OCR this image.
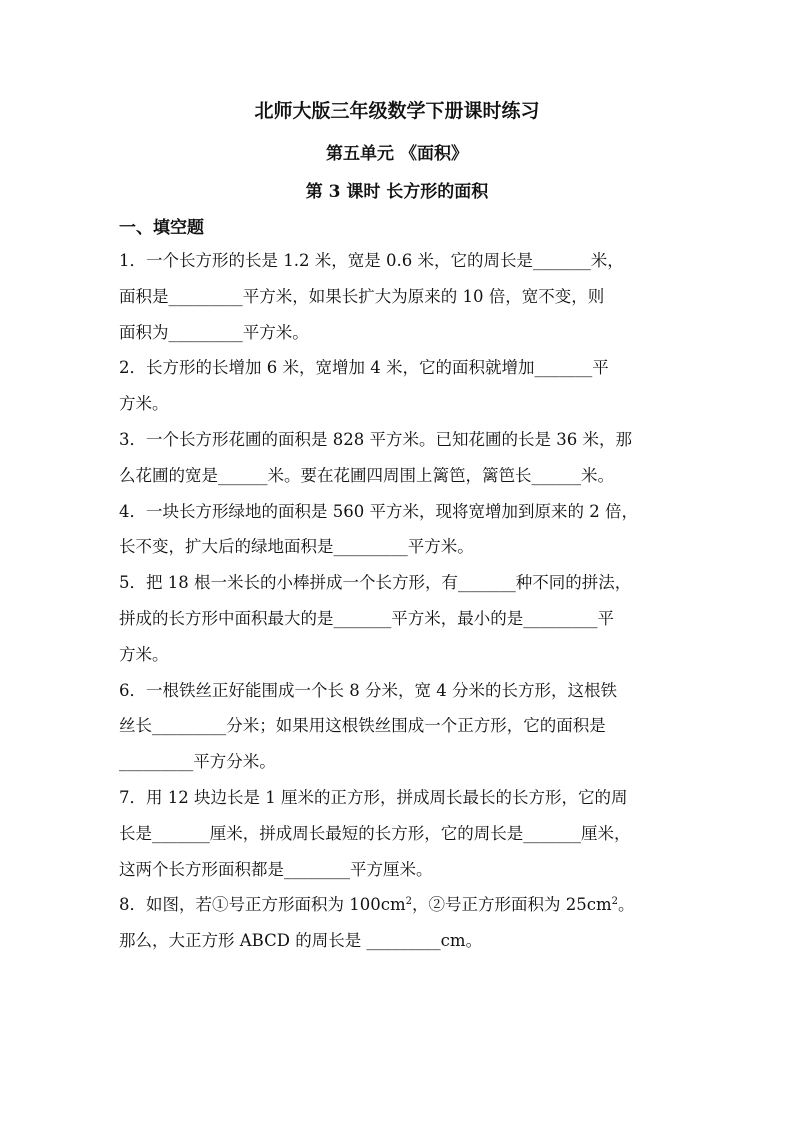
北师大版三年级数学下册课时练习
第五单元 《面积》
第 3 课时 长方形的面积
一、填空题
1．一个长方形的长是 1.2 米，宽是 0.6 米，它的周长是_______米，
面积是_________平方米，如果长扩大为原来的 10 倍，宽不变，则
面积为_________平方米。
2．长方形的长增加 6 米，宽增加 4 米，它的面积就增加_______平
方米。
3．一个长方形花圃的面积是 828 平方米。已知花圃的长是 36 米，那
么花圃的宽是______米。要在花圃四周围上篱笆，篱笆长______米。
4．一块长方形绿地的面积是 560 平方米，现将宽增加到原来的 2 倍，
长不变，扩大后的绿地面积是_________平方米。
5．把 18 根一米长的小棒拼成一个长方形，有_______种不同的拼法，
拼成的长方形中面积最大的是_______平方米，最小的是_________平
方米。
6．一根铁丝正好能围成一个长 8 分米，宽 4 分米的长方形，这根铁
丝长_________分米；如果用这根铁丝围成一个正方形，它的面积是
_________平方分米。
7．用 12 块边长是 1 厘米的正方形，拼成周长最长的长方形，它的周
长是_______厘米，拼成周长最短的长方形，它的周长是_______厘米，
这两个长方形面积都是________平方厘米。
8．如图，若①号正方形面积为 $100cm^2$，②号正方形面积为 $25cm^2$。
那么，大正方形 ABCD 的周长是 _________cm。
